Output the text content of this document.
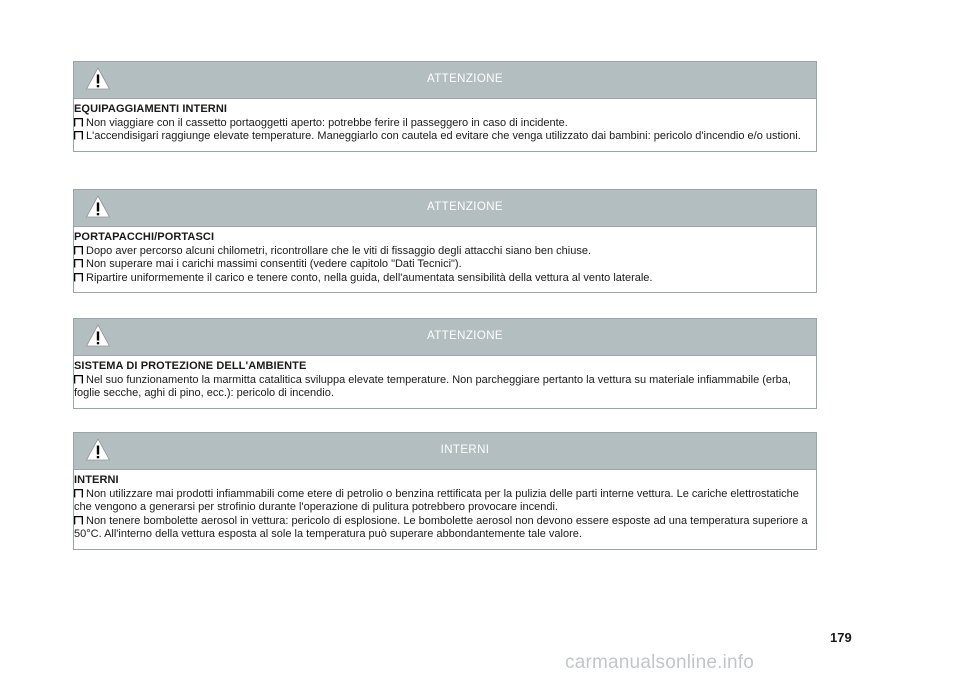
ATTENZIONE
EQUIPAGGIAMENTI INTERNI
Non viaggiare con il cassetto portaoggetti aperto: potrebbe ferire il passeggero in caso di incidente.
L'accendisigari raggiunge elevate temperature. Maneggiarlo con cautela ed evitare che venga utilizzato dai bambini: pericolo d'incendio e/o ustioni.
ATTENZIONE
PORTAPACCHI/PORTASCI
Dopo aver percorso alcuni chilometri, ricontrollare che le viti di fissaggio degli attacchi siano ben chiuse.
Non superare mai i carichi massimi consentiti (vedere capitolo "Dati Tecnici").
Ripartire uniformemente il carico e tenere conto, nella guida, dell'aumentata sensibilità della vettura al vento laterale.
ATTENZIONE
SISTEMA DI PROTEZIONE DELL'AMBIENTE
Nel suo funzionamento la marmitta catalitica sviluppa elevate temperature. Non parcheggiare pertanto la vettura su materiale infiammabile (erba, foglie secche, aghi di pino, ecc.): pericolo di incendio.
INTERNI
INTERNI
Non utilizzare mai prodotti infiammabili come etere di petrolio o benzina rettificata per la pulizia delle parti interne vettura. Le cariche elettrostatiche che vengono a generarsi per strofinio durante l'operazione di pulitura potrebbero provocare incendi.
Non tenere bombolette aerosol in vettura: pericolo di esplosione. Le bombolette aerosol non devono essere esposte ad una temperatura superiore a 50°C. All'interno della vettura esposta al sole la temperatura può superare abbondantemente tale valore.
179
carmanualsonline.info
